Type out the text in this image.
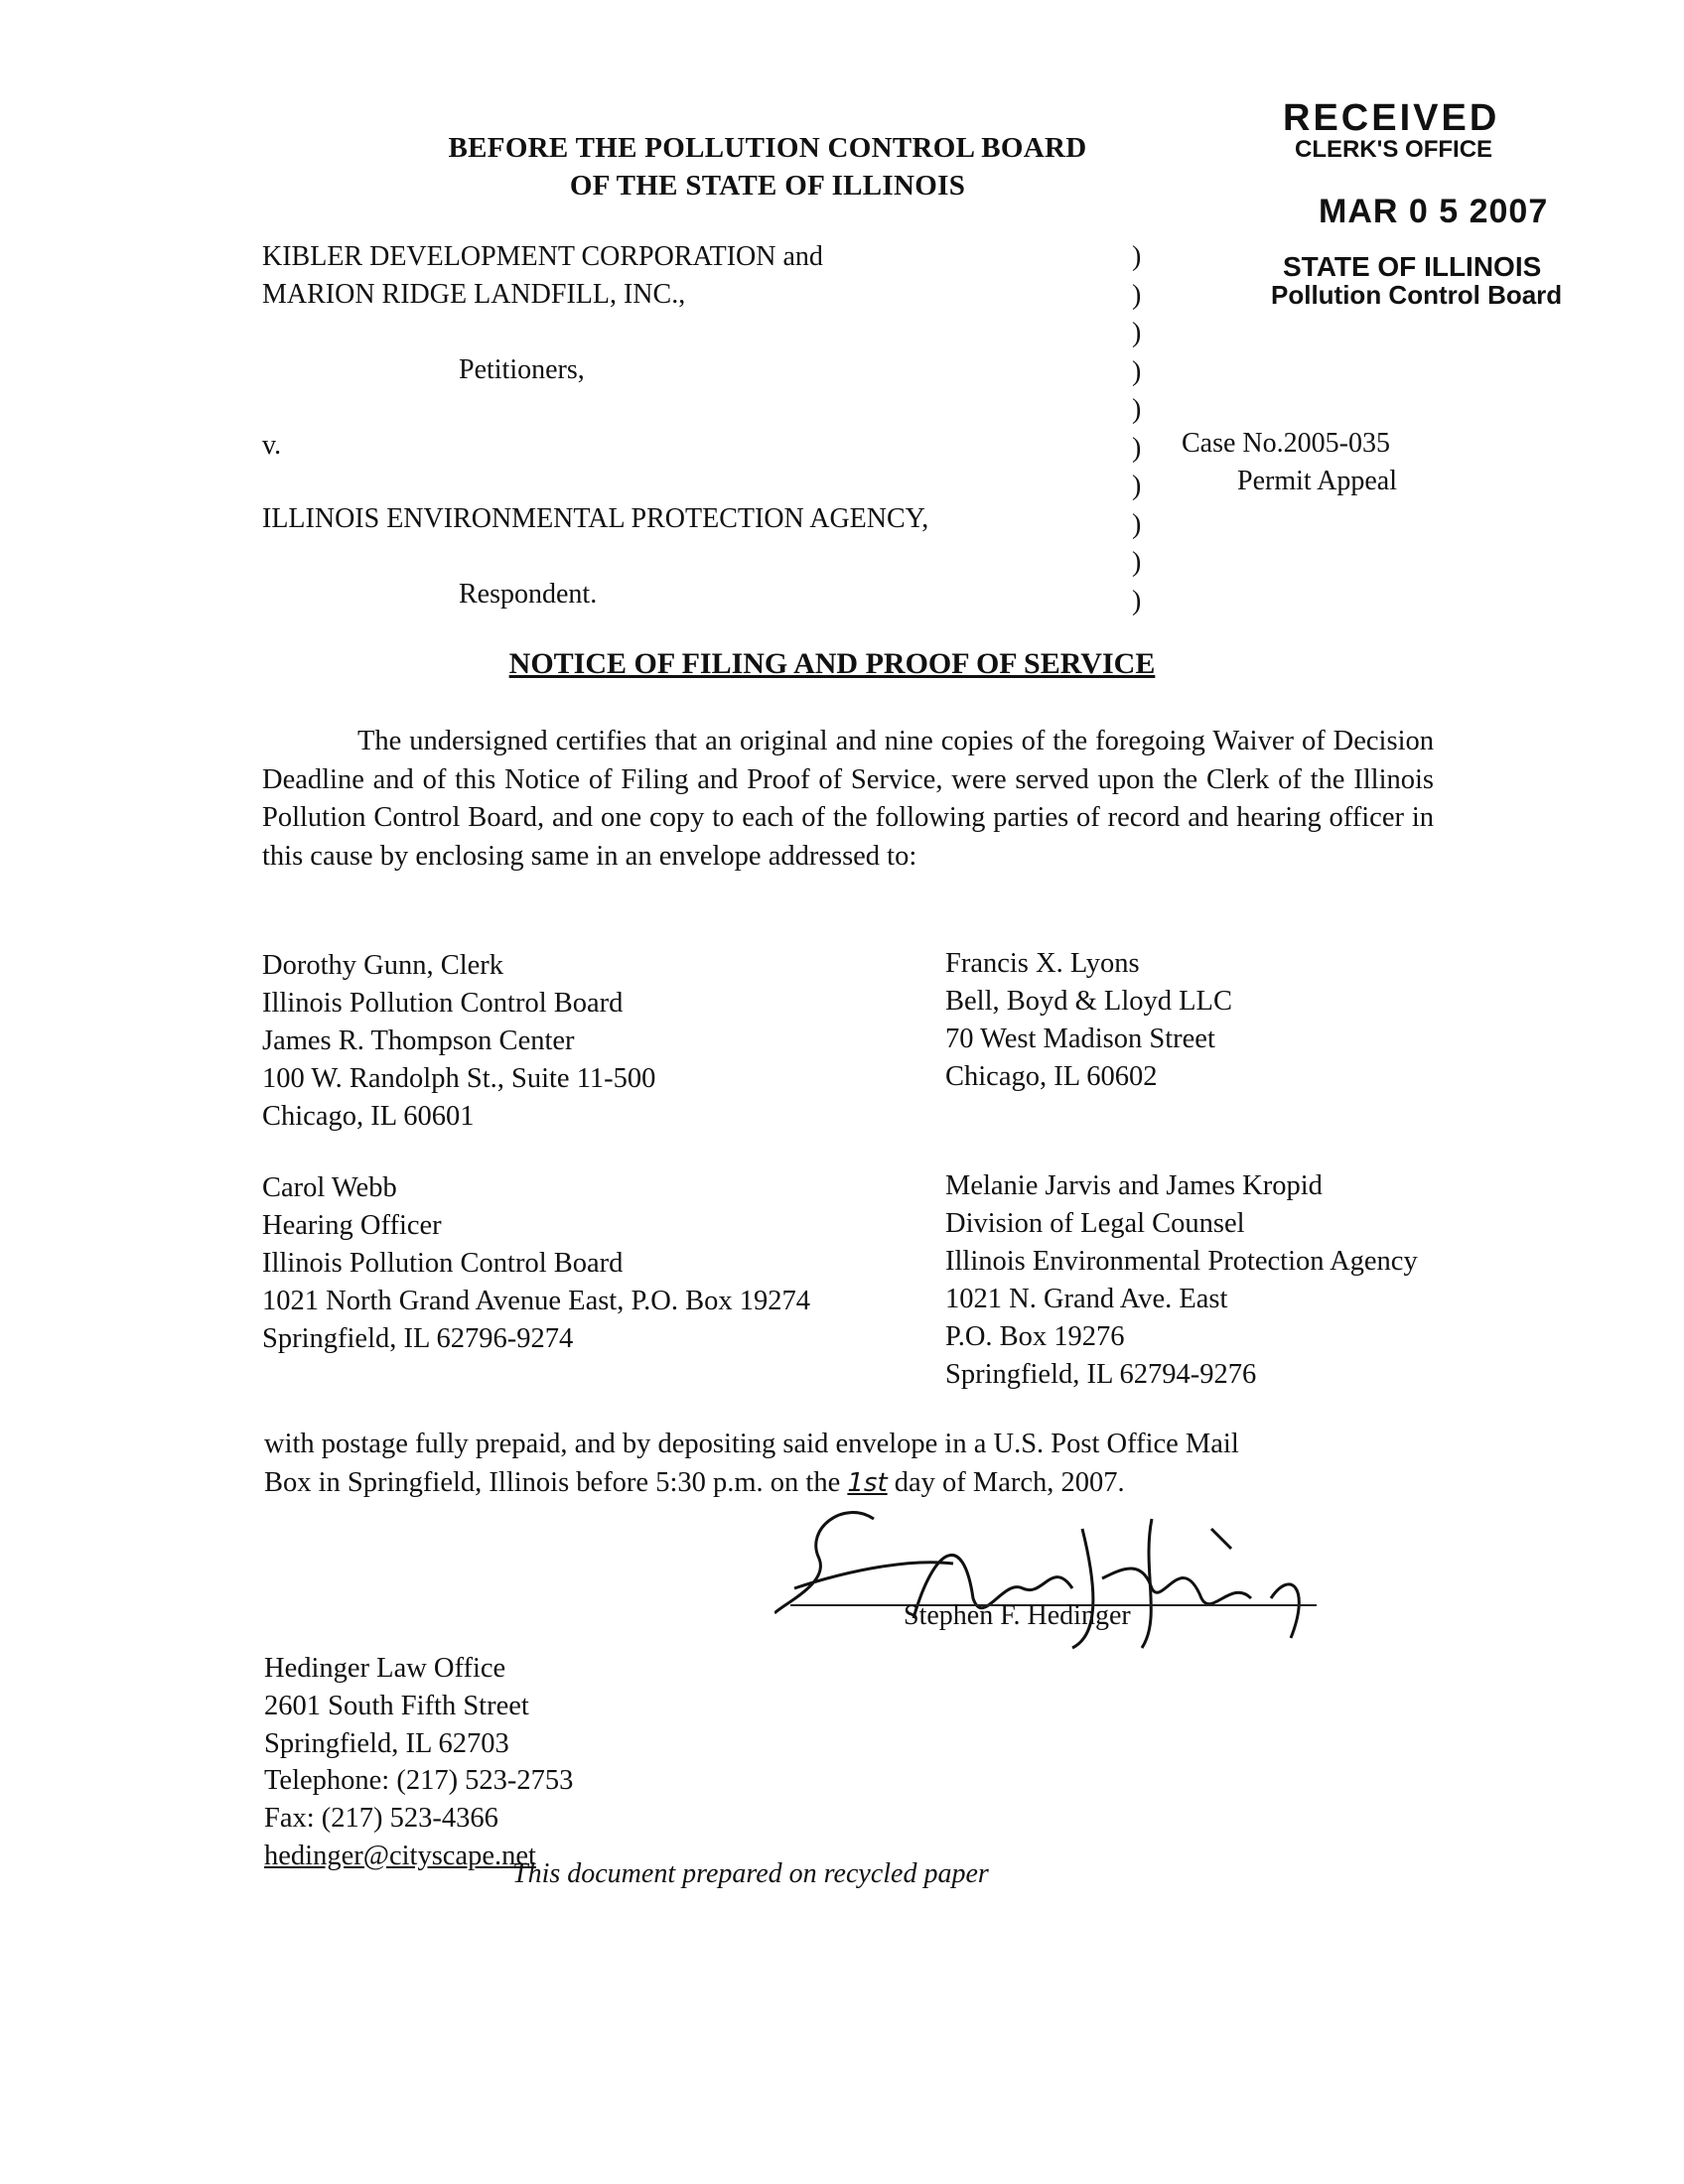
BEFORE THE POLLUTION CONTROL BOARD
OF THE STATE OF ILLINOIS
RECEIVED
CLERK'S OFFICE
MAR 0 5 2007
STATE OF ILLINOIS
Pollution Control Board
KIBLER DEVELOPMENT CORPORATION and
MARION RIDGE LANDFILL, INC.,
Petitioners,
v.
ILLINOIS ENVIRONMENTAL PROTECTION AGENCY,
Respondent.
)
)
)
)
)
)
)
)
)
)
Case No.2005-035
Permit Appeal
NOTICE OF FILING AND PROOF OF SERVICE

The undersigned certifies that an original and nine copies of the foregoing Waiver of Decision Deadline and of this Notice of Filing and Proof of Service, were served upon the Clerk of the Illinois Pollution Control Board, and one copy to each of the following parties of record and hearing officer in this cause by enclosing same in an envelope addressed to:

Dorothy Gunn, Clerk
Illinois Pollution Control Board
James R. Thompson Center
100 W. Randolph St., Suite 11-500
Chicago, IL 60601
Francis X. Lyons
Bell, Boyd & Lloyd LLC
70 West Madison Street
Chicago, IL 60602
Carol Webb
Hearing Officer
Illinois Pollution Control Board
1021 North Grand Avenue East, P.O. Box 19274
Springfield, IL 62796-9274
Melanie Jarvis and James Kropid
Division of Legal Counsel
Illinois Environmental Protection Agency
1021 N. Grand Ave. East
P.O. Box 19276
Springfield, IL 62794-9276
with postage fully prepaid, and by depositing said envelope in a U.S. Post Office Mail
Box in Springfield, Illinois before 5:30 p.m. on the 1st day of March, 2007.
Stephen F. Hedinger
Hedinger Law Office
2601 South Fifth Street
Springfield, IL 62703
Telephone: (217) 523-2753
Fax: (217) 523-4366
hedinger@cityscape.net
This document prepared on recycled paper
